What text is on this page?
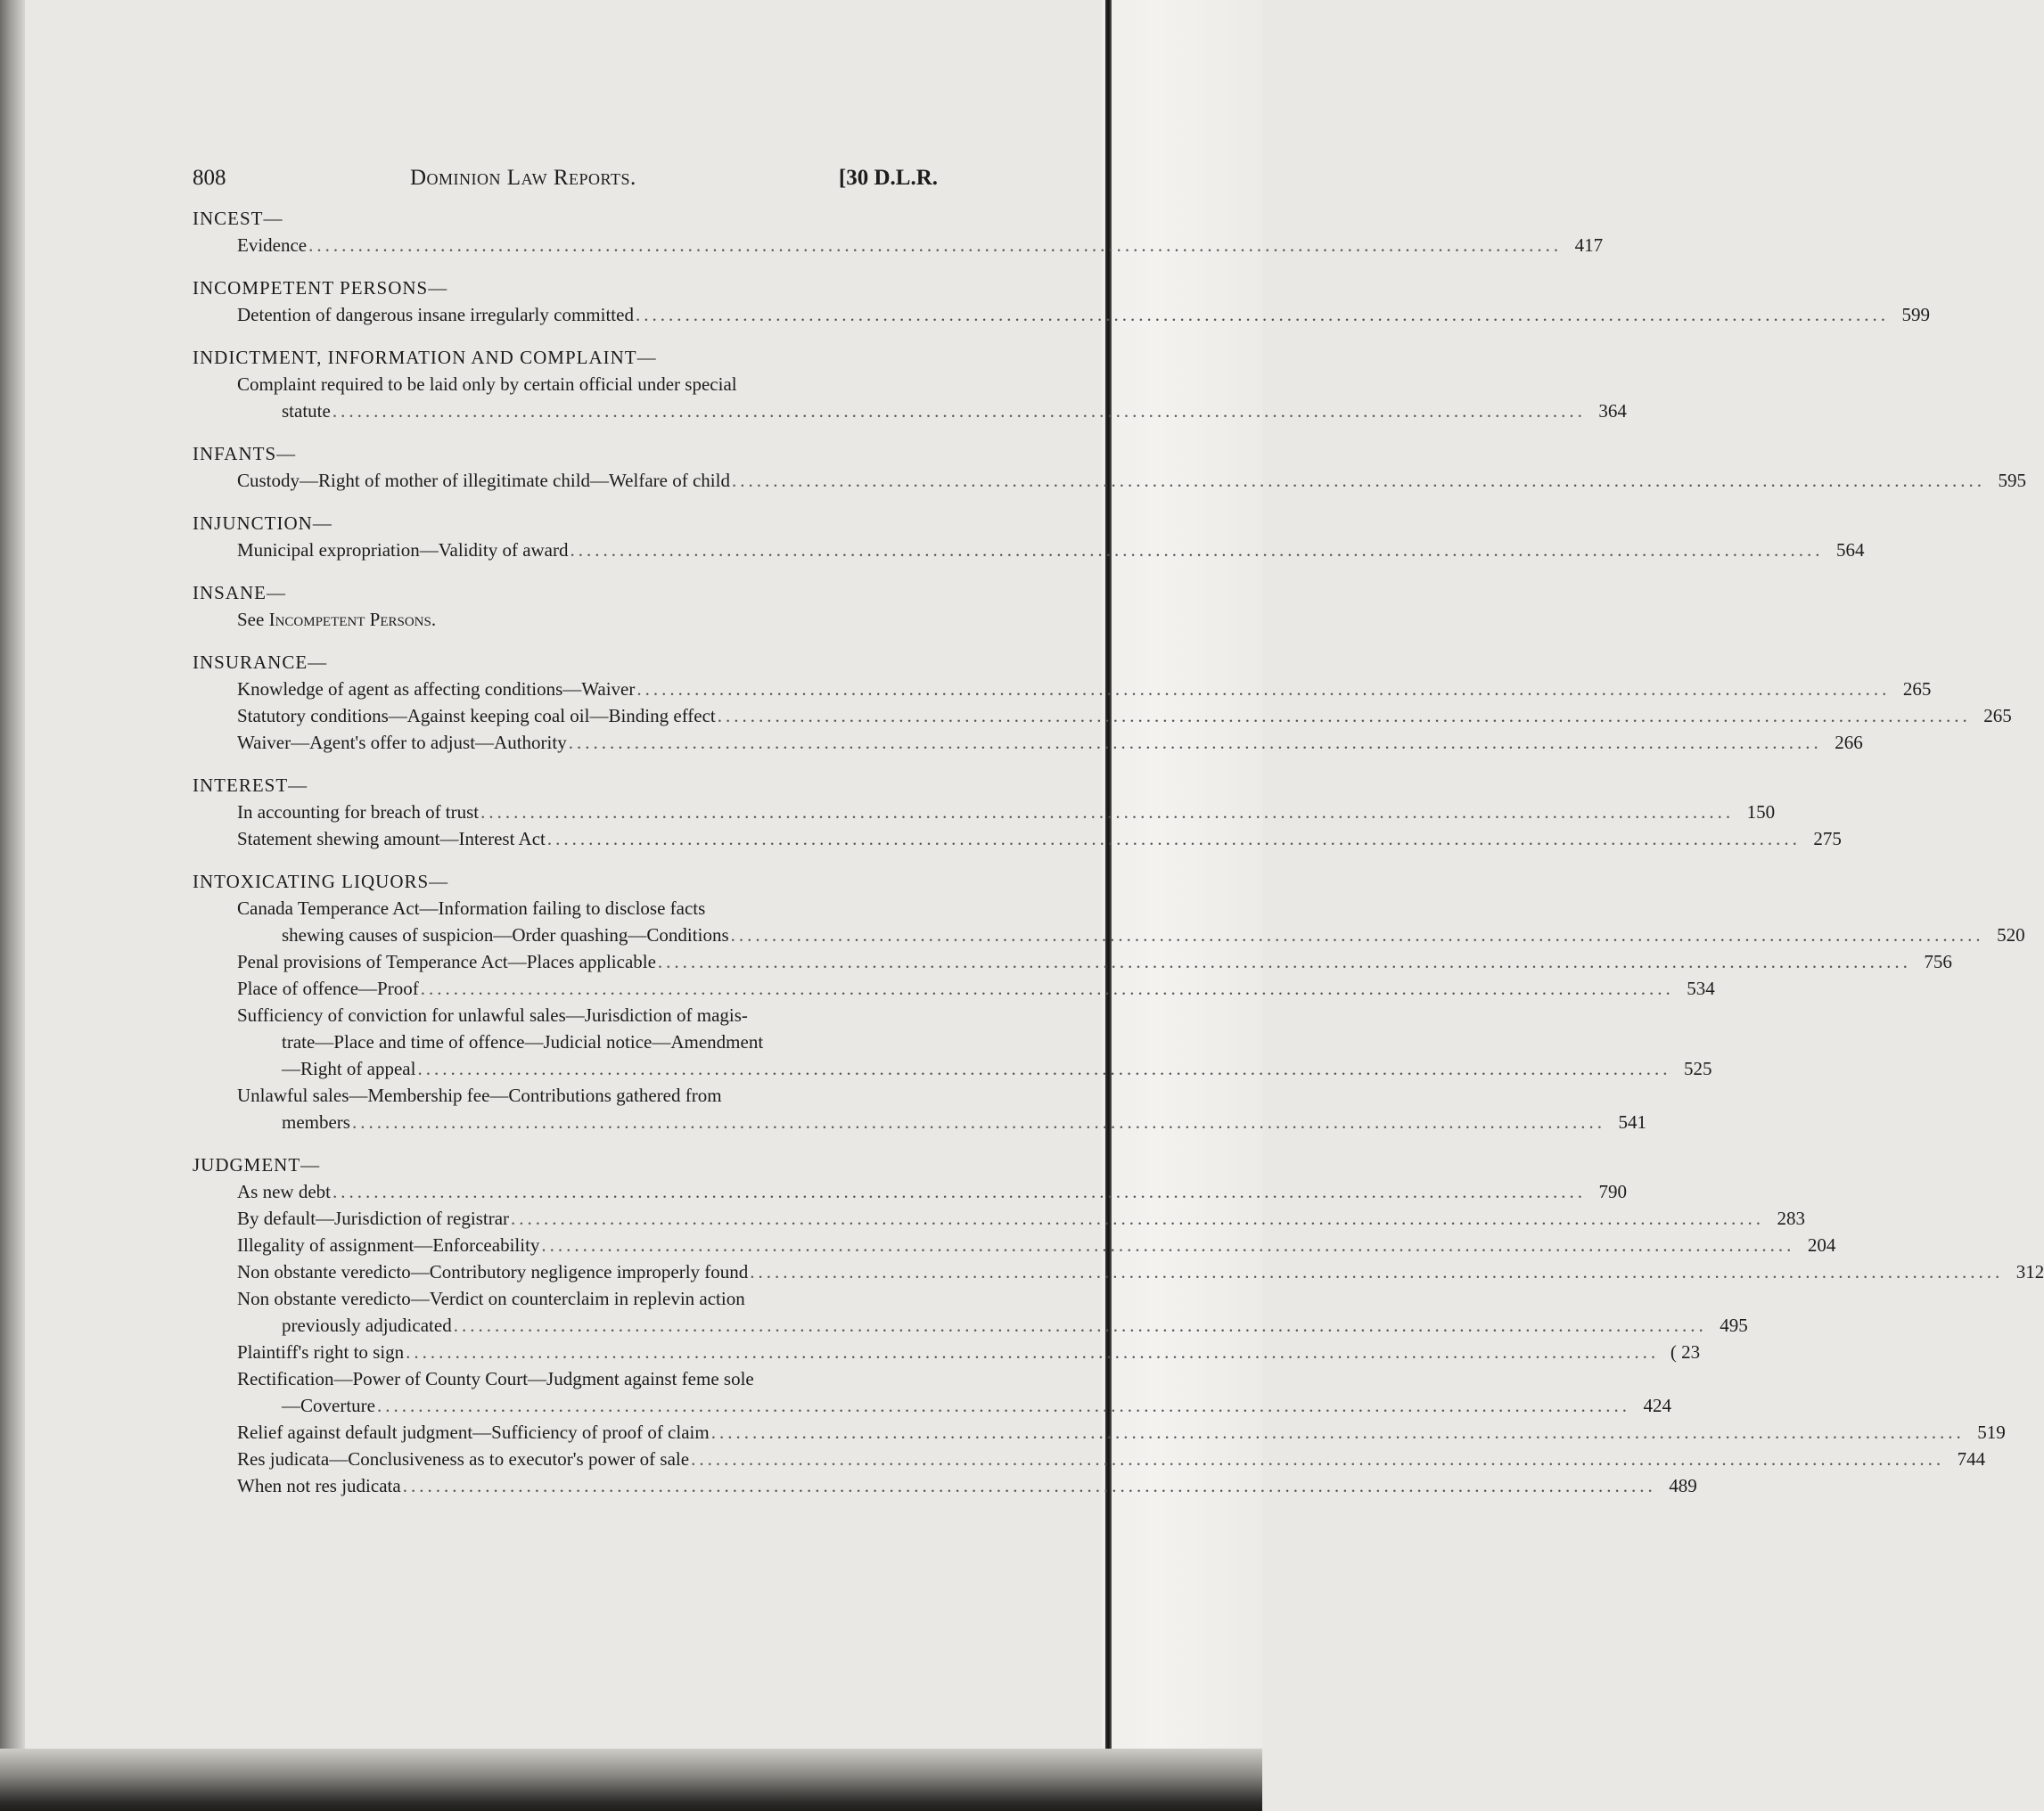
808	Dominion Law Reports.	[30 D.L.R.
INCEST—
Evidence .....	417
INCOMPETENT PERSONS—
Detention of dangerous insane irregularly committed .....	599
INDICTMENT, INFORMATION AND COMPLAINT—
Complaint required to be laid only by certain official under special
statute .....	364
INFANTS—
Custody—Right of mother of illegitimate child—Welfare of child .....	595
INJUNCTION—
Municipal expropriation—Validity of award .....	564
INSANE—
See Incompetent Persons.
INSURANCE—
Knowledge of agent as affecting conditions—Waiver .....	265
Statutory conditions—Against keeping coal oil—Binding effect .....	265
Waiver—Agent's offer to adjust—Authority .....	266
INTEREST—
In accounting for breach of trust .....	150
Statement shewing amount—Interest Act .....	275
INTOXICATING LIQUORS—
Canada Temperance Act—Information failing to disclose facts
shewing causes of suspicion—Order quashing—Conditions .....	520
Penal provisions of Temperance Act—Places applicable .....	756
Place of offence—Proof .....	534
Sufficiency of conviction for unlawful sales—Jurisdiction of magis-
trate—Place and time of offence—Judicial notice—Amendment
—Right of appeal .....	525
Unlawful sales—Membership fee—Contributions gathered from
members .....	541
JUDGMENT—
As new debt .....	790
By default—Jurisdiction of registrar .....	283
Illegality of assignment—Enforceability .....	204
Non obstante veredicto—Contributory negligence improperly found .....	312
Non obstante veredicto—Verdict on counterclaim in replevin action
previously adjudicated .....	495
Plaintiff's right to sign .....	( 23
Rectification—Power of County Court—Judgment against feme sole
—Coverture .....	424
Relief against default judgment—Sufficiency of proof of claim .....	519
Res judicata—Conclusiveness as to executor's power of sale .....	744
When not res judicata .....	489
